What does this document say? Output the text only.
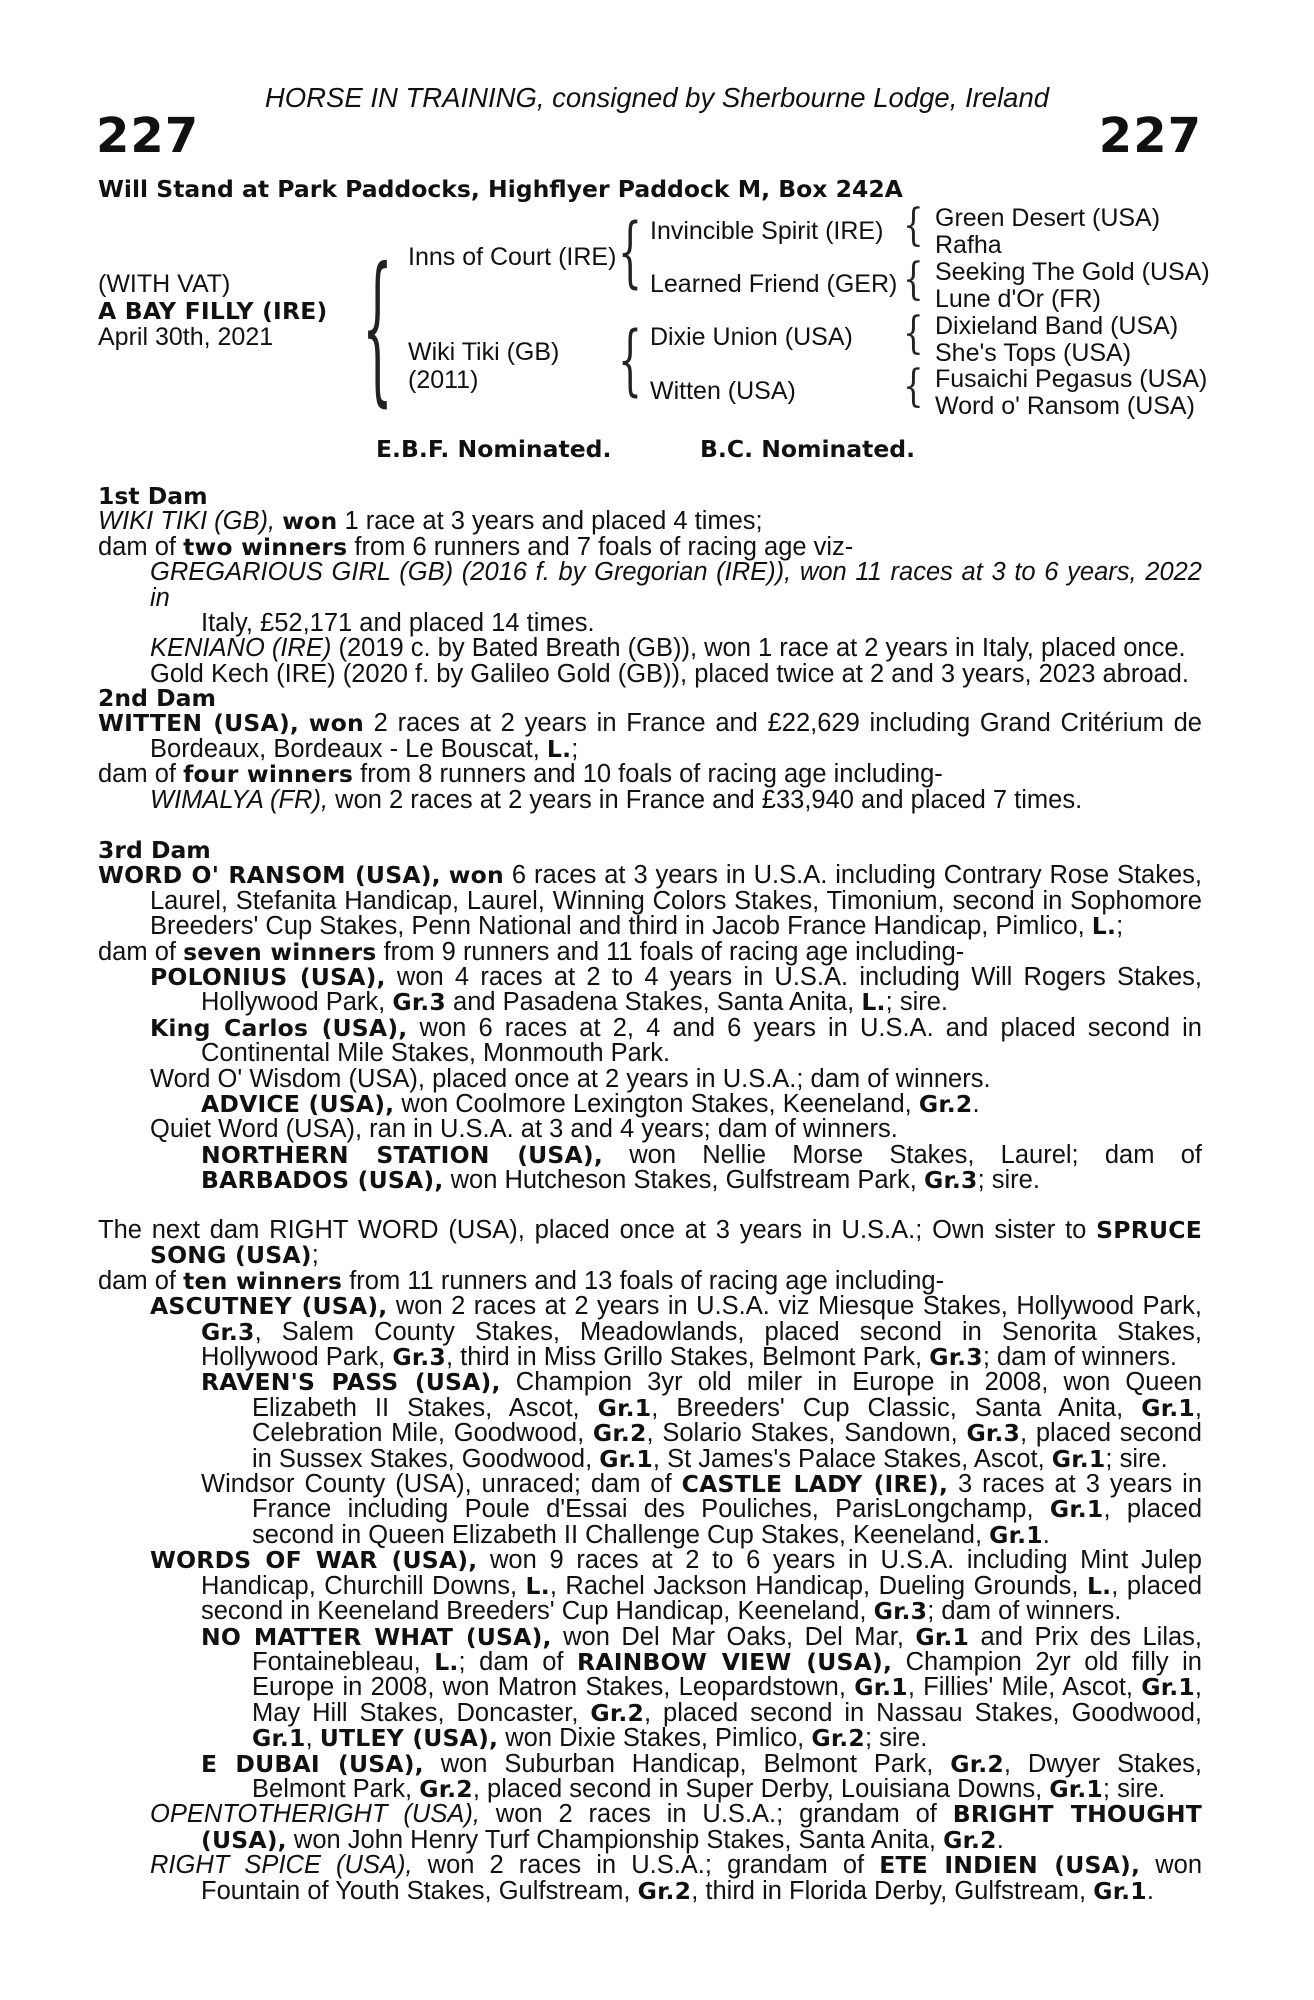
HORSE IN TRAINING, consigned by Sherbourne Lodge, Ireland
227	227
Will Stand at Park Paddocks, Highflyer Paddock M, Box 242A
(WITH VAT)
A BAY FILLY (IRE)
April 30th, 2021 { Inns of Court (IRE)
Wiki Tiki (GB)
(2011)
{
{
Invincible Spirit (IRE)
Learned Friend (GER)
Dixie Union (USA)
Witten (USA)
{
{
{
{
Green Desert (USA)
Rafha
Seeking The Gold (USA)
Lune d'Or (FR)
Dixieland Band (USA)
She's Tops (USA)
Fusaichi Pegasus (USA)
Word o' Ransom (USA)
E.B.F. Nominated.	B.C. Nominated.
1st Dam
WIKI TIKI (GB), won 1 race at 3 years and placed 4 times;
dam of two winners from 6 runners and 7 foals of racing age viz-
GREGARIOUS GIRL (GB) (2016 f. by Gregorian (IRE)), won 11 races at 3 to 6 years, 2022 in
Italy, £52,171 and placed 14 times.
KENIANO (IRE) (2019 c. by Bated Breath (GB)), won 1 race at 2 years in Italy, placed once.
Gold Kech (IRE) (2020 f. by Galileo Gold (GB)), placed twice at 2 and 3 years, 2023 abroad.
2nd Dam
WITTEN (USA), won 2 races at 2 years in France and £22,629 including Grand Critérium de
Bordeaux, Bordeaux - Le Bouscat, L.;
dam of four winners from 8 runners and 10 foals of racing age including-
WIMALYA (FR), won 2 races at 2 years in France and £33,940 and placed 7 times.
3rd Dam
WORD O' RANSOM (USA), won 6 races at 3 years in U.S.A. including Contrary Rose Stakes,
Laurel, Stefanita Handicap, Laurel, Winning Colors Stakes, Timonium, second in Sophomore
Breeders' Cup Stakes, Penn National and third in Jacob France Handicap, Pimlico, L.;
dam of seven winners from 9 runners and 11 foals of racing age including-
POLONIUS (USA), won 4 races at 2 to 4 years in U.S.A. including Will Rogers Stakes,
Hollywood Park, Gr.3 and Pasadena Stakes, Santa Anita, L.; sire.
King Carlos (USA), won 6 races at 2, 4 and 6 years in U.S.A. and placed second in
Continental Mile Stakes, Monmouth Park.
Word O' Wisdom (USA), placed once at 2 years in U.S.A.; dam of winners.
ADVICE (USA), won Coolmore Lexington Stakes, Keeneland, Gr.2.
Quiet Word (USA), ran in U.S.A. at 3 and 4 years; dam of winners.
NORTHERN STATION (USA), won Nellie Morse Stakes, Laurel; dam of
BARBADOS (USA), won Hutcheson Stakes, Gulfstream Park, Gr.3; sire.
The next dam RIGHT WORD (USA), placed once at 3 years in U.S.A.; Own sister to SPRUCE
SONG (USA);
dam of ten winners from 11 runners and 13 foals of racing age including-
ASCUTNEY (USA), won 2 races at 2 years in U.S.A. viz Miesque Stakes, Hollywood Park,
Gr.3, Salem County Stakes, Meadowlands, placed second in Senorita Stakes,
Hollywood Park, Gr.3, third in Miss Grillo Stakes, Belmont Park, Gr.3; dam of winners.
RAVEN'S PASS (USA), Champion 3yr old miler in Europe in 2008, won Queen
Elizabeth II Stakes, Ascot, Gr.1, Breeders' Cup Classic, Santa Anita, Gr.1,
Celebration Mile, Goodwood, Gr.2, Solario Stakes, Sandown, Gr.3, placed second
in Sussex Stakes, Goodwood, Gr.1, St James's Palace Stakes, Ascot, Gr.1; sire.
Windsor County (USA), unraced; dam of CASTLE LADY (IRE), 3 races at 3 years in
France including Poule d'Essai des Pouliches, ParisLongchamp, Gr.1, placed
second in Queen Elizabeth II Challenge Cup Stakes, Keeneland, Gr.1.
WORDS OF WAR (USA), won 9 races at 2 to 6 years in U.S.A. including Mint Julep
Handicap, Churchill Downs, L., Rachel Jackson Handicap, Dueling Grounds, L., placed
second in Keeneland Breeders' Cup Handicap, Keeneland, Gr.3; dam of winners.
NO MATTER WHAT (USA), won Del Mar Oaks, Del Mar, Gr.1 and Prix des Lilas,
Fontainebleau, L.; dam of RAINBOW VIEW (USA), Champion 2yr old filly in
Europe in 2008, won Matron Stakes, Leopardstown, Gr.1, Fillies' Mile, Ascot, Gr.1,
May Hill Stakes, Doncaster, Gr.2, placed second in Nassau Stakes, Goodwood,
Gr.1, UTLEY (USA), won Dixie Stakes, Pimlico, Gr.2; sire.
E DUBAI (USA), won Suburban Handicap, Belmont Park, Gr.2, Dwyer Stakes,
Belmont Park, Gr.2, placed second in Super Derby, Louisiana Downs, Gr.1; sire.
OPENTOTHERIGHT (USA), won 2 races in U.S.A.; grandam of BRIGHT THOUGHT
(USA), won John Henry Turf Championship Stakes, Santa Anita, Gr.2.
RIGHT SPICE (USA), won 2 races in U.S.A.; grandam of ETE INDIEN (USA), won
Fountain of Youth Stakes, Gulfstream, Gr.2, third in Florida Derby, Gulfstream, Gr.1.
